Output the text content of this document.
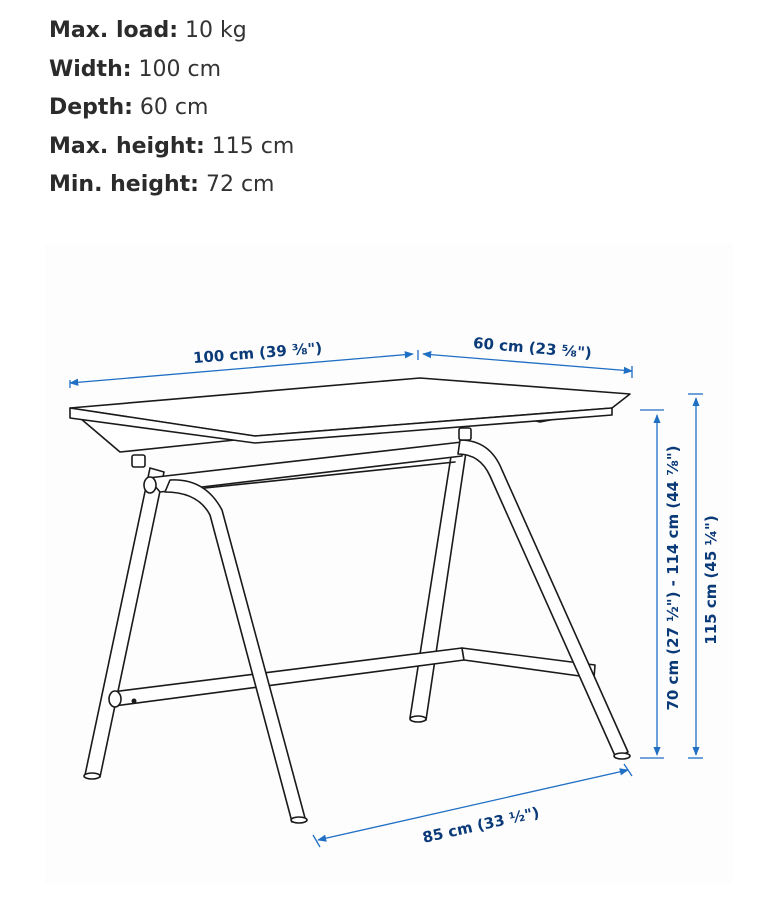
Max. load: 10 kg
Width: 100 cm
Depth: 60 cm
Max. height: 115 cm
Min. height: 72 cm
100 cm (39 ⅜")	60 cm (23 ⅝")
70 cm (27 ½") - 114 cm (44 ⅞") 115 cm (45 ¼")
85 cm (33 ½")
